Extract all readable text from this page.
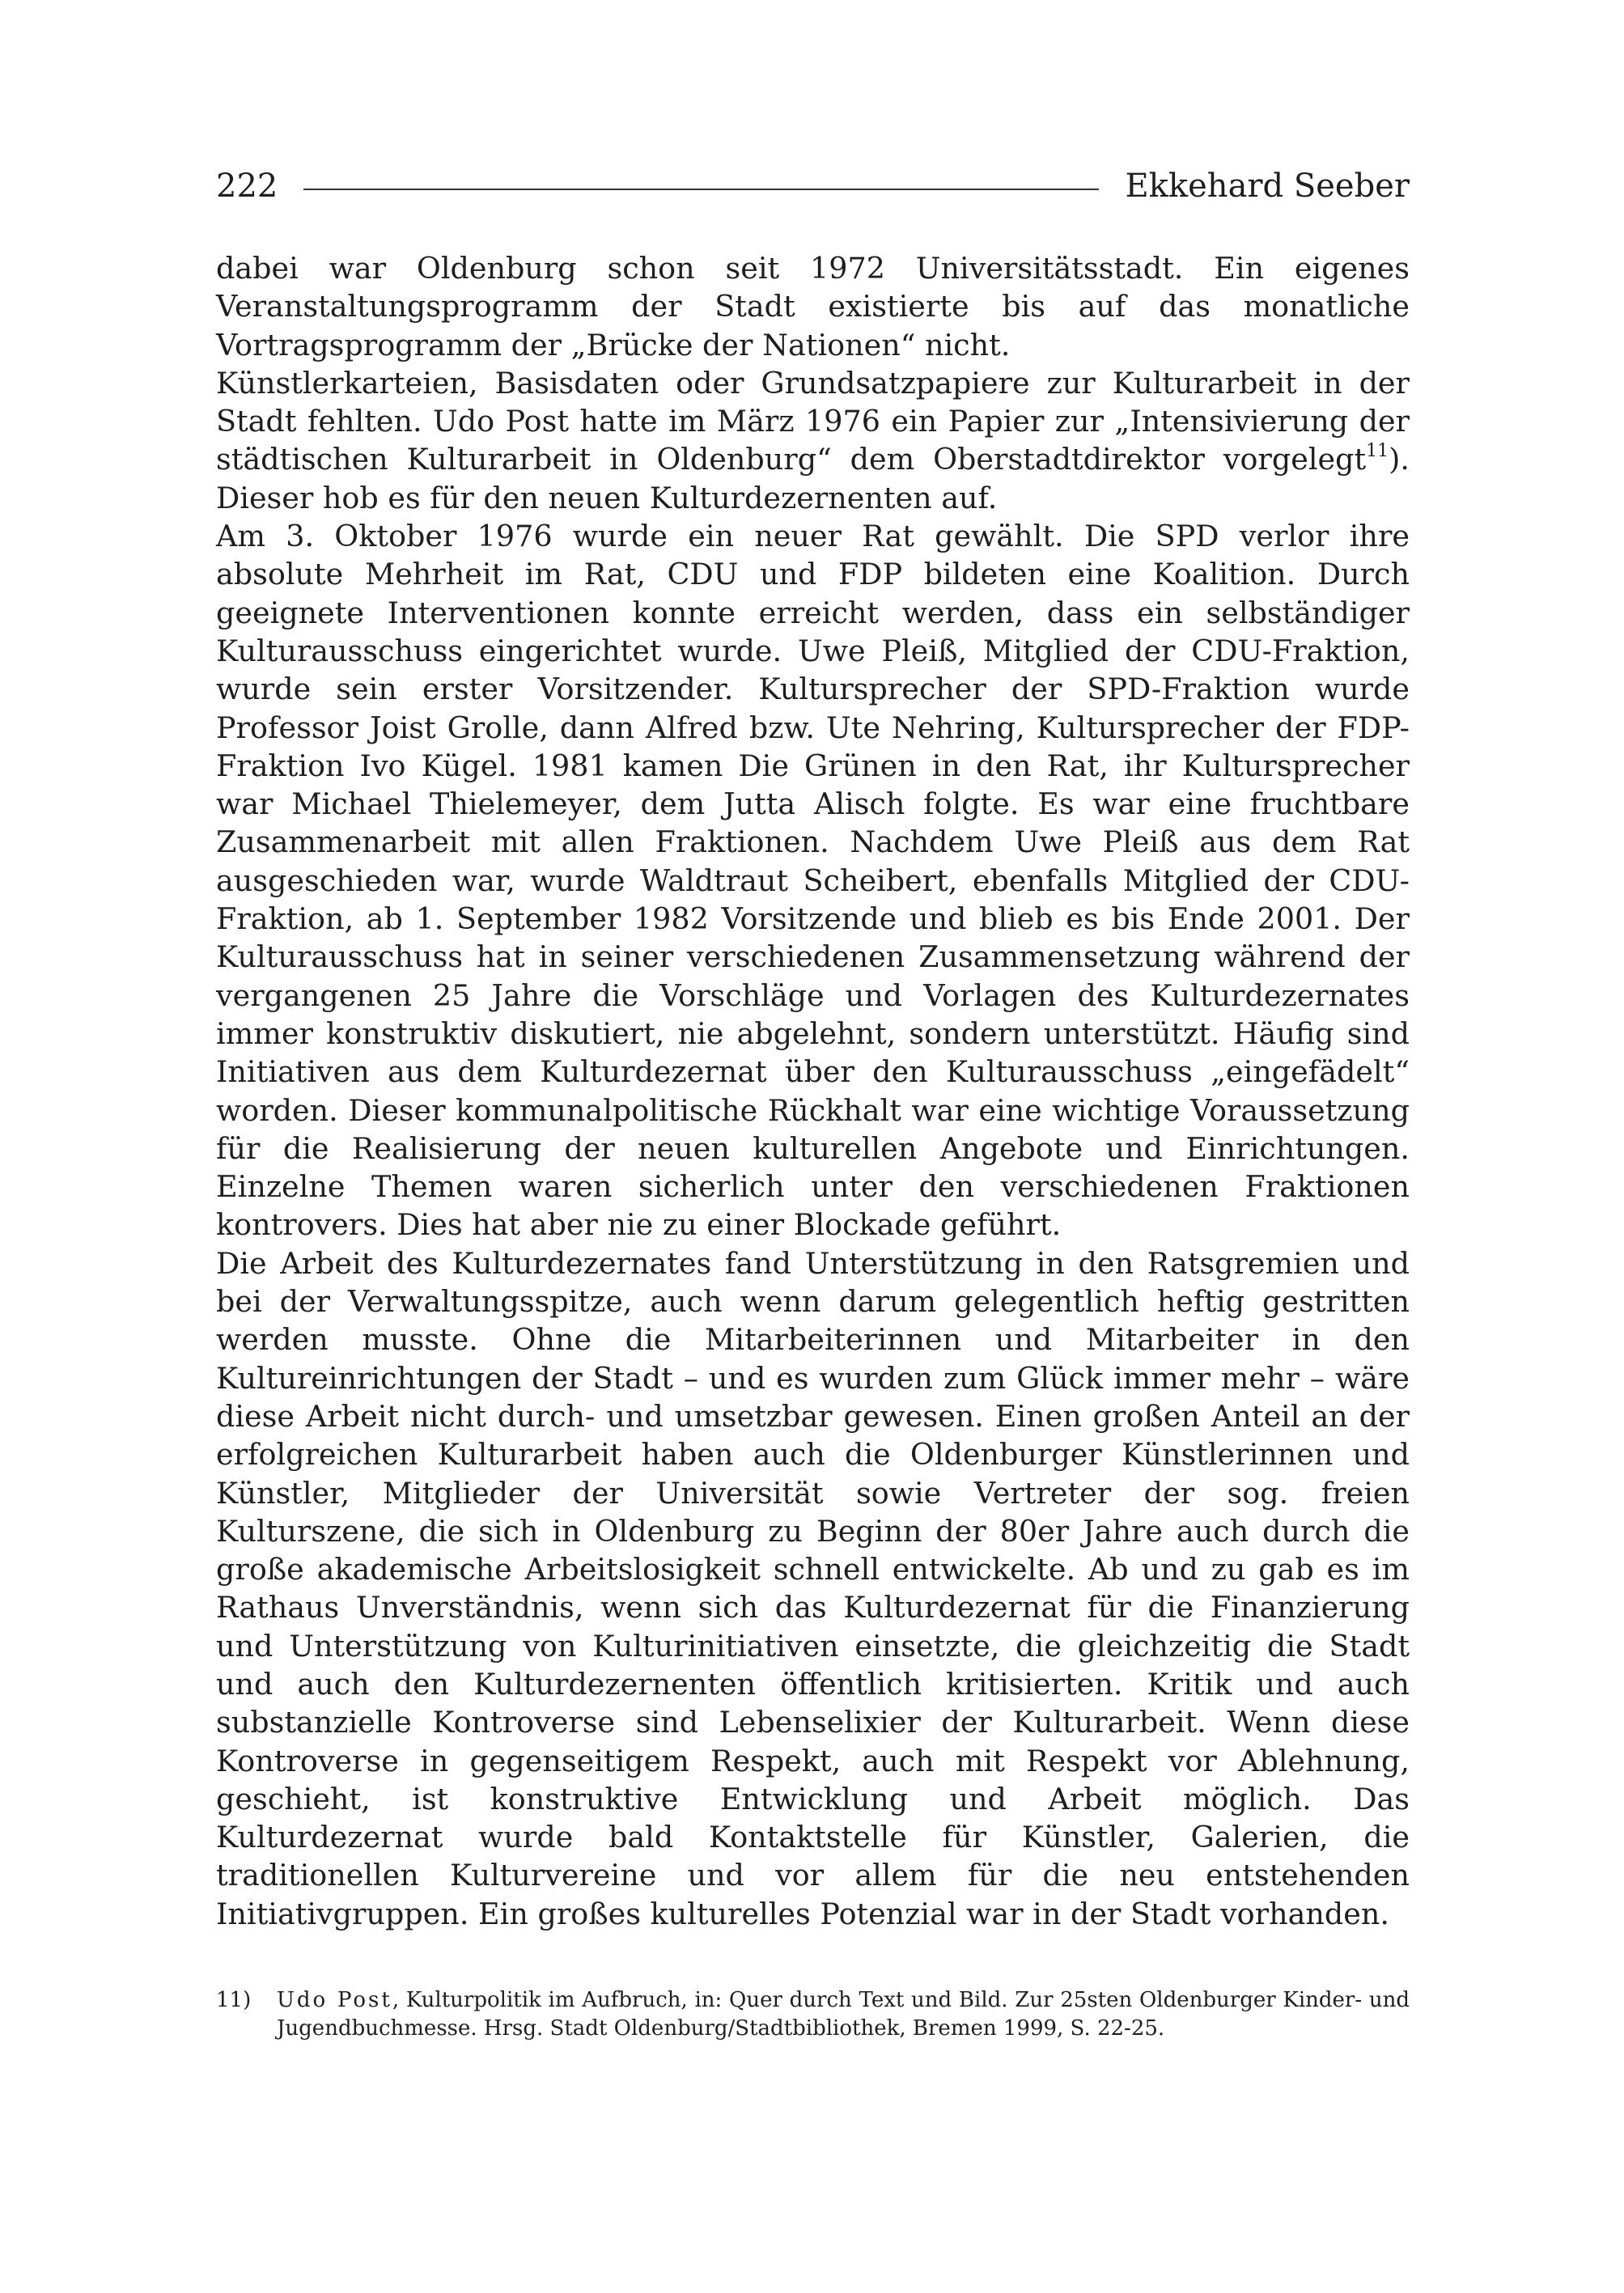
222	Ekkehard Seeber

dabei war Oldenburg schon seit 1972 Universitätsstadt. Ein eigenes Veranstaltungsprogramm der Stadt existierte bis auf das monatliche Vortragsprogramm der „Brücke der Nationen“ nicht.

Künstlerkarteien, Basisdaten oder Grundsatzpapiere zur Kulturarbeit in der Stadt fehlten. Udo Post hatte im März 1976 ein Papier zur „Intensivierung der städtischen Kulturarbeit in Oldenburg“ dem Oberstadtdirektor vorgelegt$^{11}$). Dieser hob es für den neuen Kulturdezernenten auf.

Am 3. Oktober 1976 wurde ein neuer Rat gewählt. Die SPD verlor ihre absolute Mehrheit im Rat, CDU und FDP bildeten eine Koalition. Durch geeignete Interventionen konnte erreicht werden, dass ein selbständiger Kulturausschuss eingerichtet wurde. Uwe Pleiß, Mitglied der CDU-Fraktion, wurde sein erster Vorsitzender. Kultursprecher der SPD-Fraktion wurde Professor Joist Grolle, dann Alfred bzw. Ute Nehring, Kultursprecher der FDP-Fraktion Ivo Kügel. 1981 kamen Die Grünen in den Rat, ihr Kultursprecher war Michael Thielemeyer, dem Jutta Alisch folgte. Es war eine fruchtbare Zusammenarbeit mit allen Fraktionen. Nachdem Uwe Pleiß aus dem Rat ausgeschieden war, wurde Waldtraut Scheibert, ebenfalls Mitglied der CDU-Fraktion, ab 1. September 1982 Vorsitzende und blieb es bis Ende 2001. Der Kulturausschuss hat in seiner verschiedenen Zusammensetzung während der vergangenen 25 Jahre die Vorschläge und Vorlagen des Kulturdezernates immer konstruktiv diskutiert, nie abgelehnt, sondern unterstützt. Häufig sind Initiativen aus dem Kulturdezernat über den Kulturausschuss „eingefädelt“ worden. Dieser kommunalpolitische Rückhalt war eine wichtige Voraussetzung für die Realisierung der neuen kulturellen Angebote und Einrichtungen. Einzelne Themen waren sicherlich unter den verschiedenen Fraktionen kontrovers. Dies hat aber nie zu einer Blockade geführt.

Die Arbeit des Kulturdezernates fand Unterstützung in den Ratsgremien und bei der Verwaltungsspitze, auch wenn darum gelegentlich heftig gestritten werden musste. Ohne die Mitarbeiterinnen und Mitarbeiter in den Kultureinrichtungen der Stadt – und es wurden zum Glück immer mehr – wäre diese Arbeit nicht durch- und umsetzbar gewesen. Einen großen Anteil an der erfolgreichen Kulturarbeit haben auch die Oldenburger Künstlerinnen und Künstler, Mitglieder der Universität sowie Vertreter der sog. freien Kulturszene, die sich in Oldenburg zu Beginn der 80er Jahre auch durch die große akademische Arbeitslosigkeit schnell entwickelte. Ab und zu gab es im Rathaus Unverständnis, wenn sich das Kulturdezernat für die Finanzierung und Unterstützung von Kulturinitiativen einsetzte, die gleichzeitig die Stadt und auch den Kulturdezernenten öffentlich kritisierten. Kritik und auch substanzielle Kontroverse sind Lebenselixier der Kulturarbeit. Wenn diese Kontroverse in gegenseitigem Respekt, auch mit Respekt vor Ablehnung, geschieht, ist konstruktive Entwicklung und Arbeit möglich. Das Kulturdezernat wurde bald Kontaktstelle für Künstler, Galerien, die traditionellen Kulturvereine und vor allem für die neu entstehenden Initiativgruppen. Ein großes kulturelles Potenzial war in der Stadt vorhanden.

11)	Udo Post, Kulturpolitik im Aufbruch, in: Quer durch Text und Bild. Zur 25sten Oldenburger Kinder- und Jugendbuchmesse. Hrsg. Stadt Oldenburg/Stadtbibliothek, Bremen 1999, S. 22-25.
